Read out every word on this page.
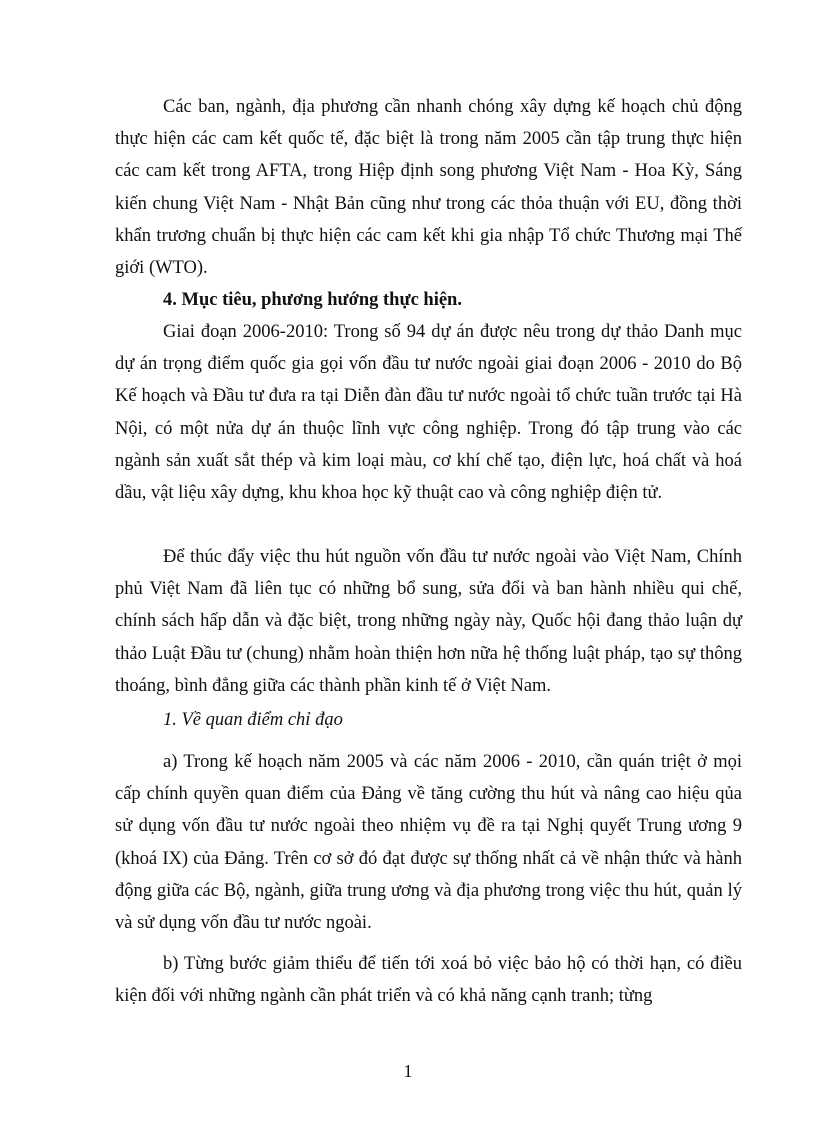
Các ban, ngành, địa phương cần nhanh chóng xây dựng kế hoạch chủ động thực hiện các cam kết quốc tế, đặc biệt là trong năm 2005 cần tập trung thực hiện các cam kết trong AFTA, trong Hiệp định song phương Việt Nam - Hoa Kỳ, Sáng kiến chung Việt Nam - Nhật Bản cũng như trong các thỏa thuận với EU, đồng thời khẩn trương chuẩn bị thực hiện các cam kết khi gia nhập Tổ chức Thương mại Thế giới (WTO).

4. Mục tiêu, phương hướng thực hiện.

Giai đoạn 2006-2010: Trong số 94 dự án được nêu trong dự thảo Danh mục dự án trọng điểm quốc gia gọi vốn đầu tư nước ngoài giai đoạn 2006 - 2010 do Bộ Kế hoạch và Đầu tư đưa ra tại Diễn đàn đầu tư nước ngoài tổ chức tuần trước tại Hà Nội, có một nửa dự án thuộc lĩnh vực công nghiệp. Trong đó tập trung vào các ngành sản xuất sắt thép và kim loại màu, cơ khí chế tạo, điện lực, hoá chất và hoá dầu, vật liệu xây dựng, khu khoa học kỹ thuật cao và công nghiệp điện tử.

Để thúc đẩy việc thu hút nguồn vốn đầu tư nước ngoài vào Việt Nam, Chính phủ Việt Nam đã liên tục có những bổ sung, sửa đổi và ban hành nhiều qui chế, chính sách hấp dẫn và đặc biệt, trong những ngày này, Quốc hội đang thảo luận dự thảo Luật Đầu tư (chung) nhằm hoàn thiện hơn nữa hệ thống luật pháp, tạo sự thông thoáng, bình đẳng giữa các thành phần kinh tế ở Việt Nam.

1. Về quan điểm chỉ đạo

a) Trong kế hoạch năm 2005 và các năm 2006 - 2010, cần quán triệt ở mọi cấp chính quyền quan điểm của Đảng về tăng cường thu hút và nâng cao hiệu qủa sử dụng vốn đầu tư nước ngoài theo nhiệm vụ đề ra tại Nghị quyết Trung ương 9 (khoá IX) của Đảng. Trên cơ sở đó đạt được sự thống nhất cả về nhận thức và hành động giữa các Bộ, ngành, giữa trung ương và địa phương trong việc thu hút, quản lý và sử dụng vốn đầu tư nước ngoài.

b) Từng bước giảm thiểu để tiến tới xoá bỏ việc bảo hộ có thời hạn, có điều kiện đối với những ngành cần phát triển và có khả năng cạnh tranh; từng

1
